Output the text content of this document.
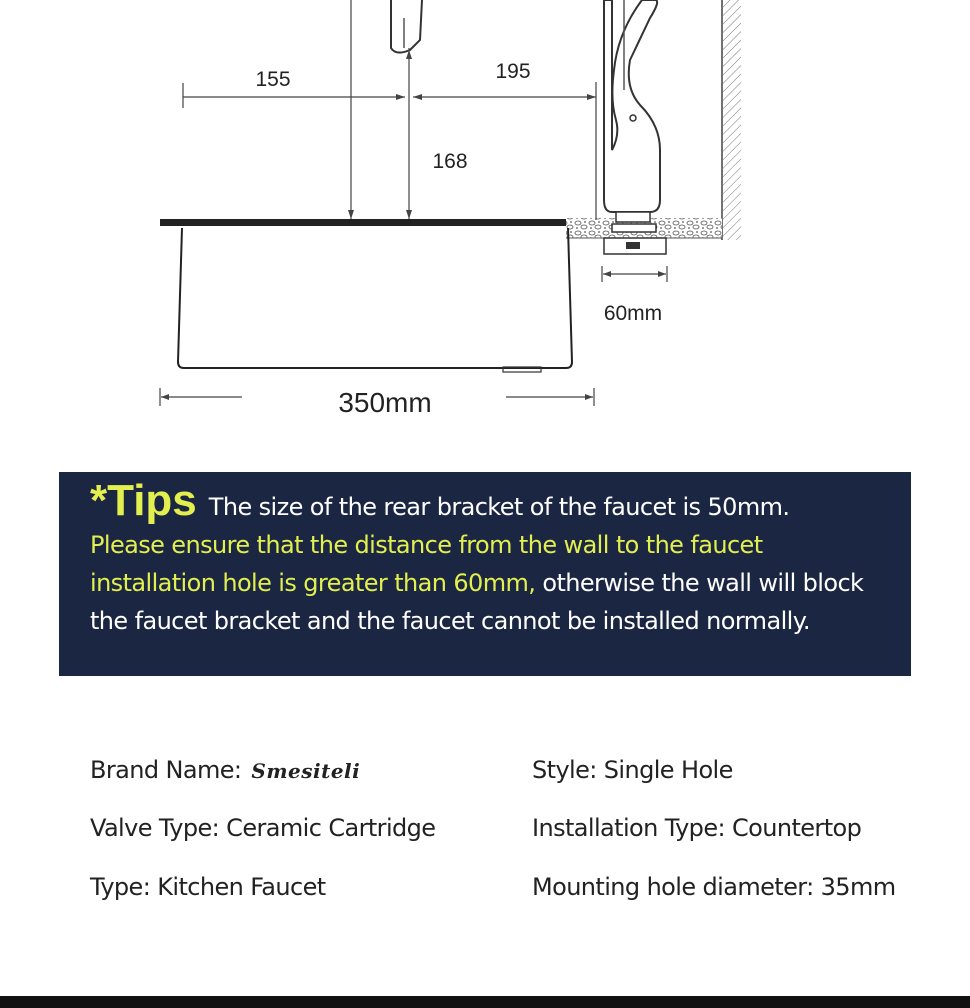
155	195
168
60mm
350mm
*Tips The size of the rear bracket of the faucet is 50mm.
Please ensure that the distance from the wall to the faucet installation hole is greater than 60mm, otherwise the wall will block the faucet bracket and the faucet cannot be installed normally.
Brand Name: Smesiteli
Valve Type: Ceramic Cartridge
Type: Kitchen Faucet
Style: Single Hole
Installation Type: Countertop
Mounting hole diameter: 35mm
